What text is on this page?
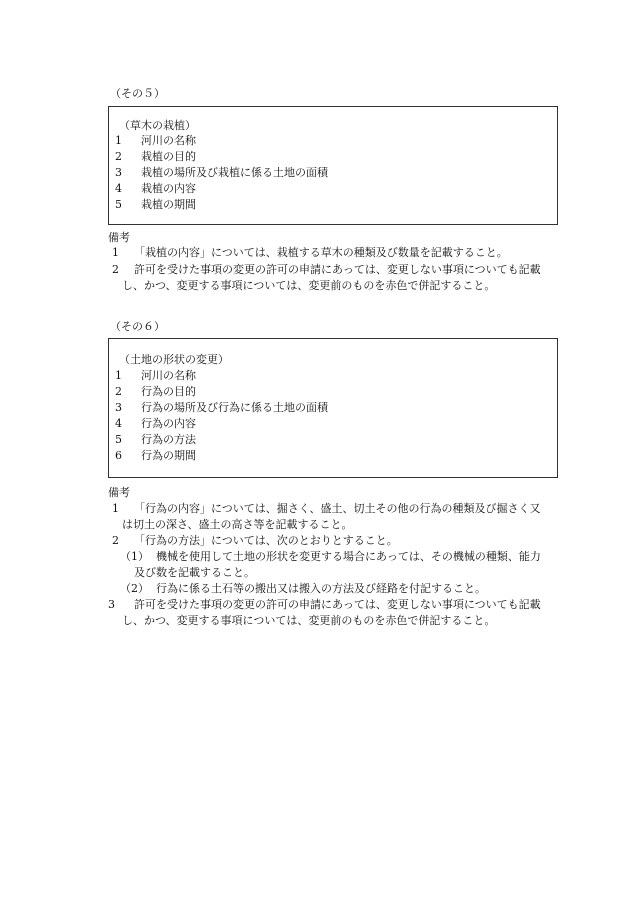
（その５）
（草木の栽植）
1 河川の名称
2 栽植の目的
3 栽植の場所及び栽植に係る土地の面積
4 栽植の内容
5 栽植の期間
備考
1 「栽植の内容」については、栽植する草木の種類及び数量を記載すること。
2 許可を受けた事項の変更の許可の申請にあっては、変更しない事項についても記載
し、かつ、変更する事項については、変更前のものを赤色で併記すること。
（その６）
（土地の形状の変更）
1 河川の名称
2 行為の目的
3 行為の場所及び行為に係る土地の面積
4 行為の内容
5 行為の方法
6 行為の期間
備考
1 「行為の内容」については、掘さく、盛土、切土その他の行為の種類及び掘さく又
は切土の深さ、盛土の高さ等を記載すること。
2 「行為の方法」については、次のとおりとすること。
（1） 機械を使用して土地の形状を変更する場合にあっては、その機械の種類、能力
及び数を記載すること。
（2） 行為に係る土石等の搬出又は搬入の方法及び経路を付記すること。
3 許可を受けた事項の変更の許可の申請にあっては、変更しない事項についても記載
し、かつ、変更する事項については、変更前のものを赤色で併記すること。
